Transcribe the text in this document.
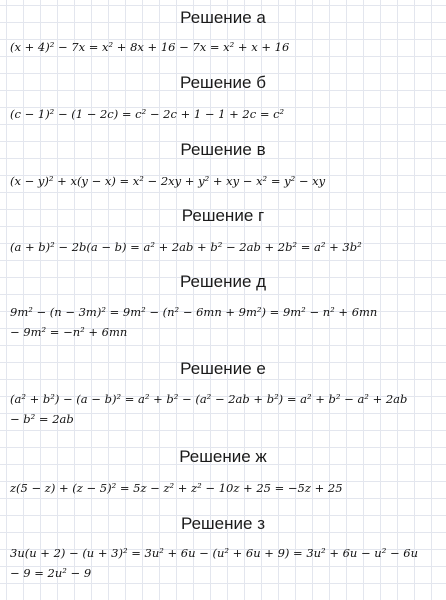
Решение а
(x + 4)² − 7x = x² + 8x + 16 − 7x = x² + x + 16
Решение б
(c − 1)² − (1 − 2c) = c² − 2c + 1 − 1 + 2c = c²
Решение в
(x − y)² + x(y − x) = x² − 2xy + y² + xy − x² = y² − xy
Решение г
(a + b)² − 2b(a − b) = a² + 2ab + b² − 2ab + 2b² = a² + 3b²
Решение д
9m² − (n − 3m)² = 9m² − (n² − 6mn + 9m²) = 9m² − n² + 6mn
− 9m² = −n² + 6mn
Решение е
(a² + b²) − (a − b)² = a² + b² − (a² − 2ab + b²) = a² + b² − a² + 2ab
− b² = 2ab
Решение ж
z(5 − z) + (z − 5)² = 5z − z² + z² − 10z + 25 = −5z + 25
Решение з
3u(u + 2) − (u + 3)² = 3u² + 6u − (u² + 6u + 9) = 3u² + 6u − u² − 6u
− 9 = 2u² − 9
